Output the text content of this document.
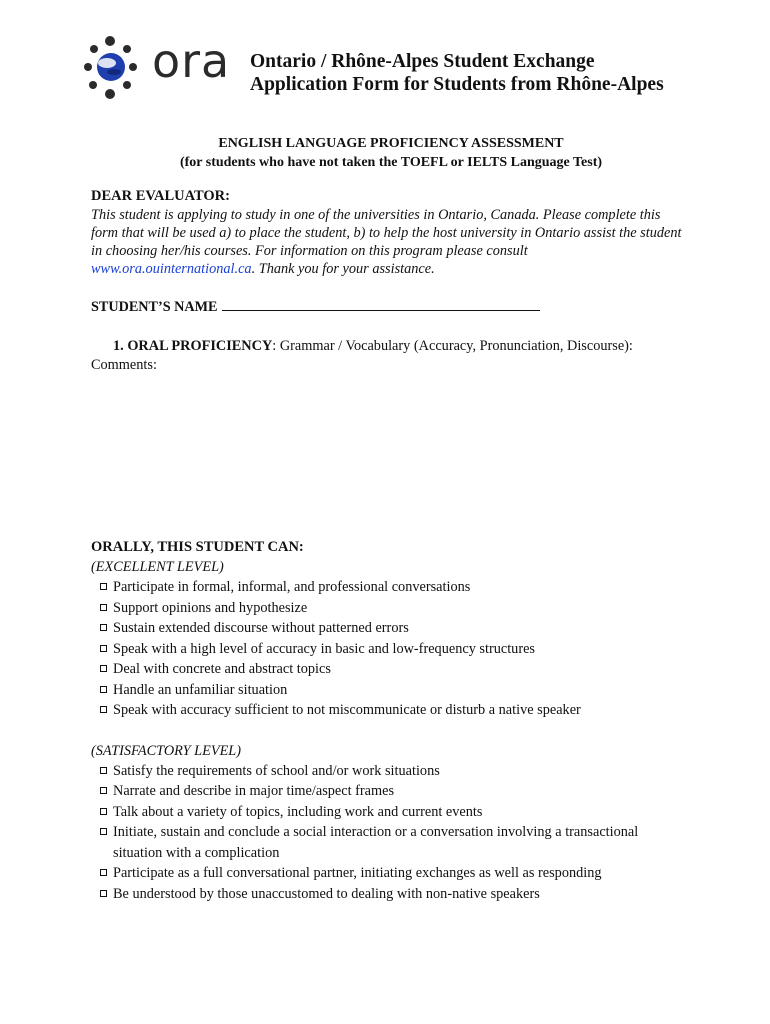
ora Ontario / Rhône-Alpes Student Exchange
Application Form for Students from Rhône-Alpes
ENGLISH LANGUAGE PROFICIENCY ASSESSMENT
(for students who have not taken the TOEFL or IELTS Language Test)
DEAR EVALUATOR:
This student is applying to study in one of the universities in Ontario, Canada. Please complete this form that will be used a) to place the student, b) to help the host university in Ontario assist the student in choosing her/his courses. For information on this program please consult www.ora.ouinternational.ca. Thank you for your assistance.
STUDENT’S NAME
1. ORAL PROFICIENCY: Grammar / Vocabulary (Accuracy, Pronunciation, Discourse):
Comments:
ORALLY, THIS STUDENT CAN:
(EXCELLENT LEVEL)
Participate in formal, informal, and professional conversations
Support opinions and hypothesize
Sustain extended discourse without patterned errors
Speak with a high level of accuracy in basic and low-frequency structures
Deal with concrete and abstract topics
Handle an unfamiliar situation
Speak with accuracy sufficient to not miscommunicate or disturb a native speaker
(SATISFACTORY LEVEL)
Satisfy the requirements of school and/or work situations
Narrate and describe in major time/aspect frames
Talk about a variety of topics, including work and current events
Initiate, sustain and conclude a social interaction or a conversation involving a transactional situation with a complication
Participate as a full conversational partner, initiating exchanges as well as responding
Be understood by those unaccustomed to dealing with non-native speakers
